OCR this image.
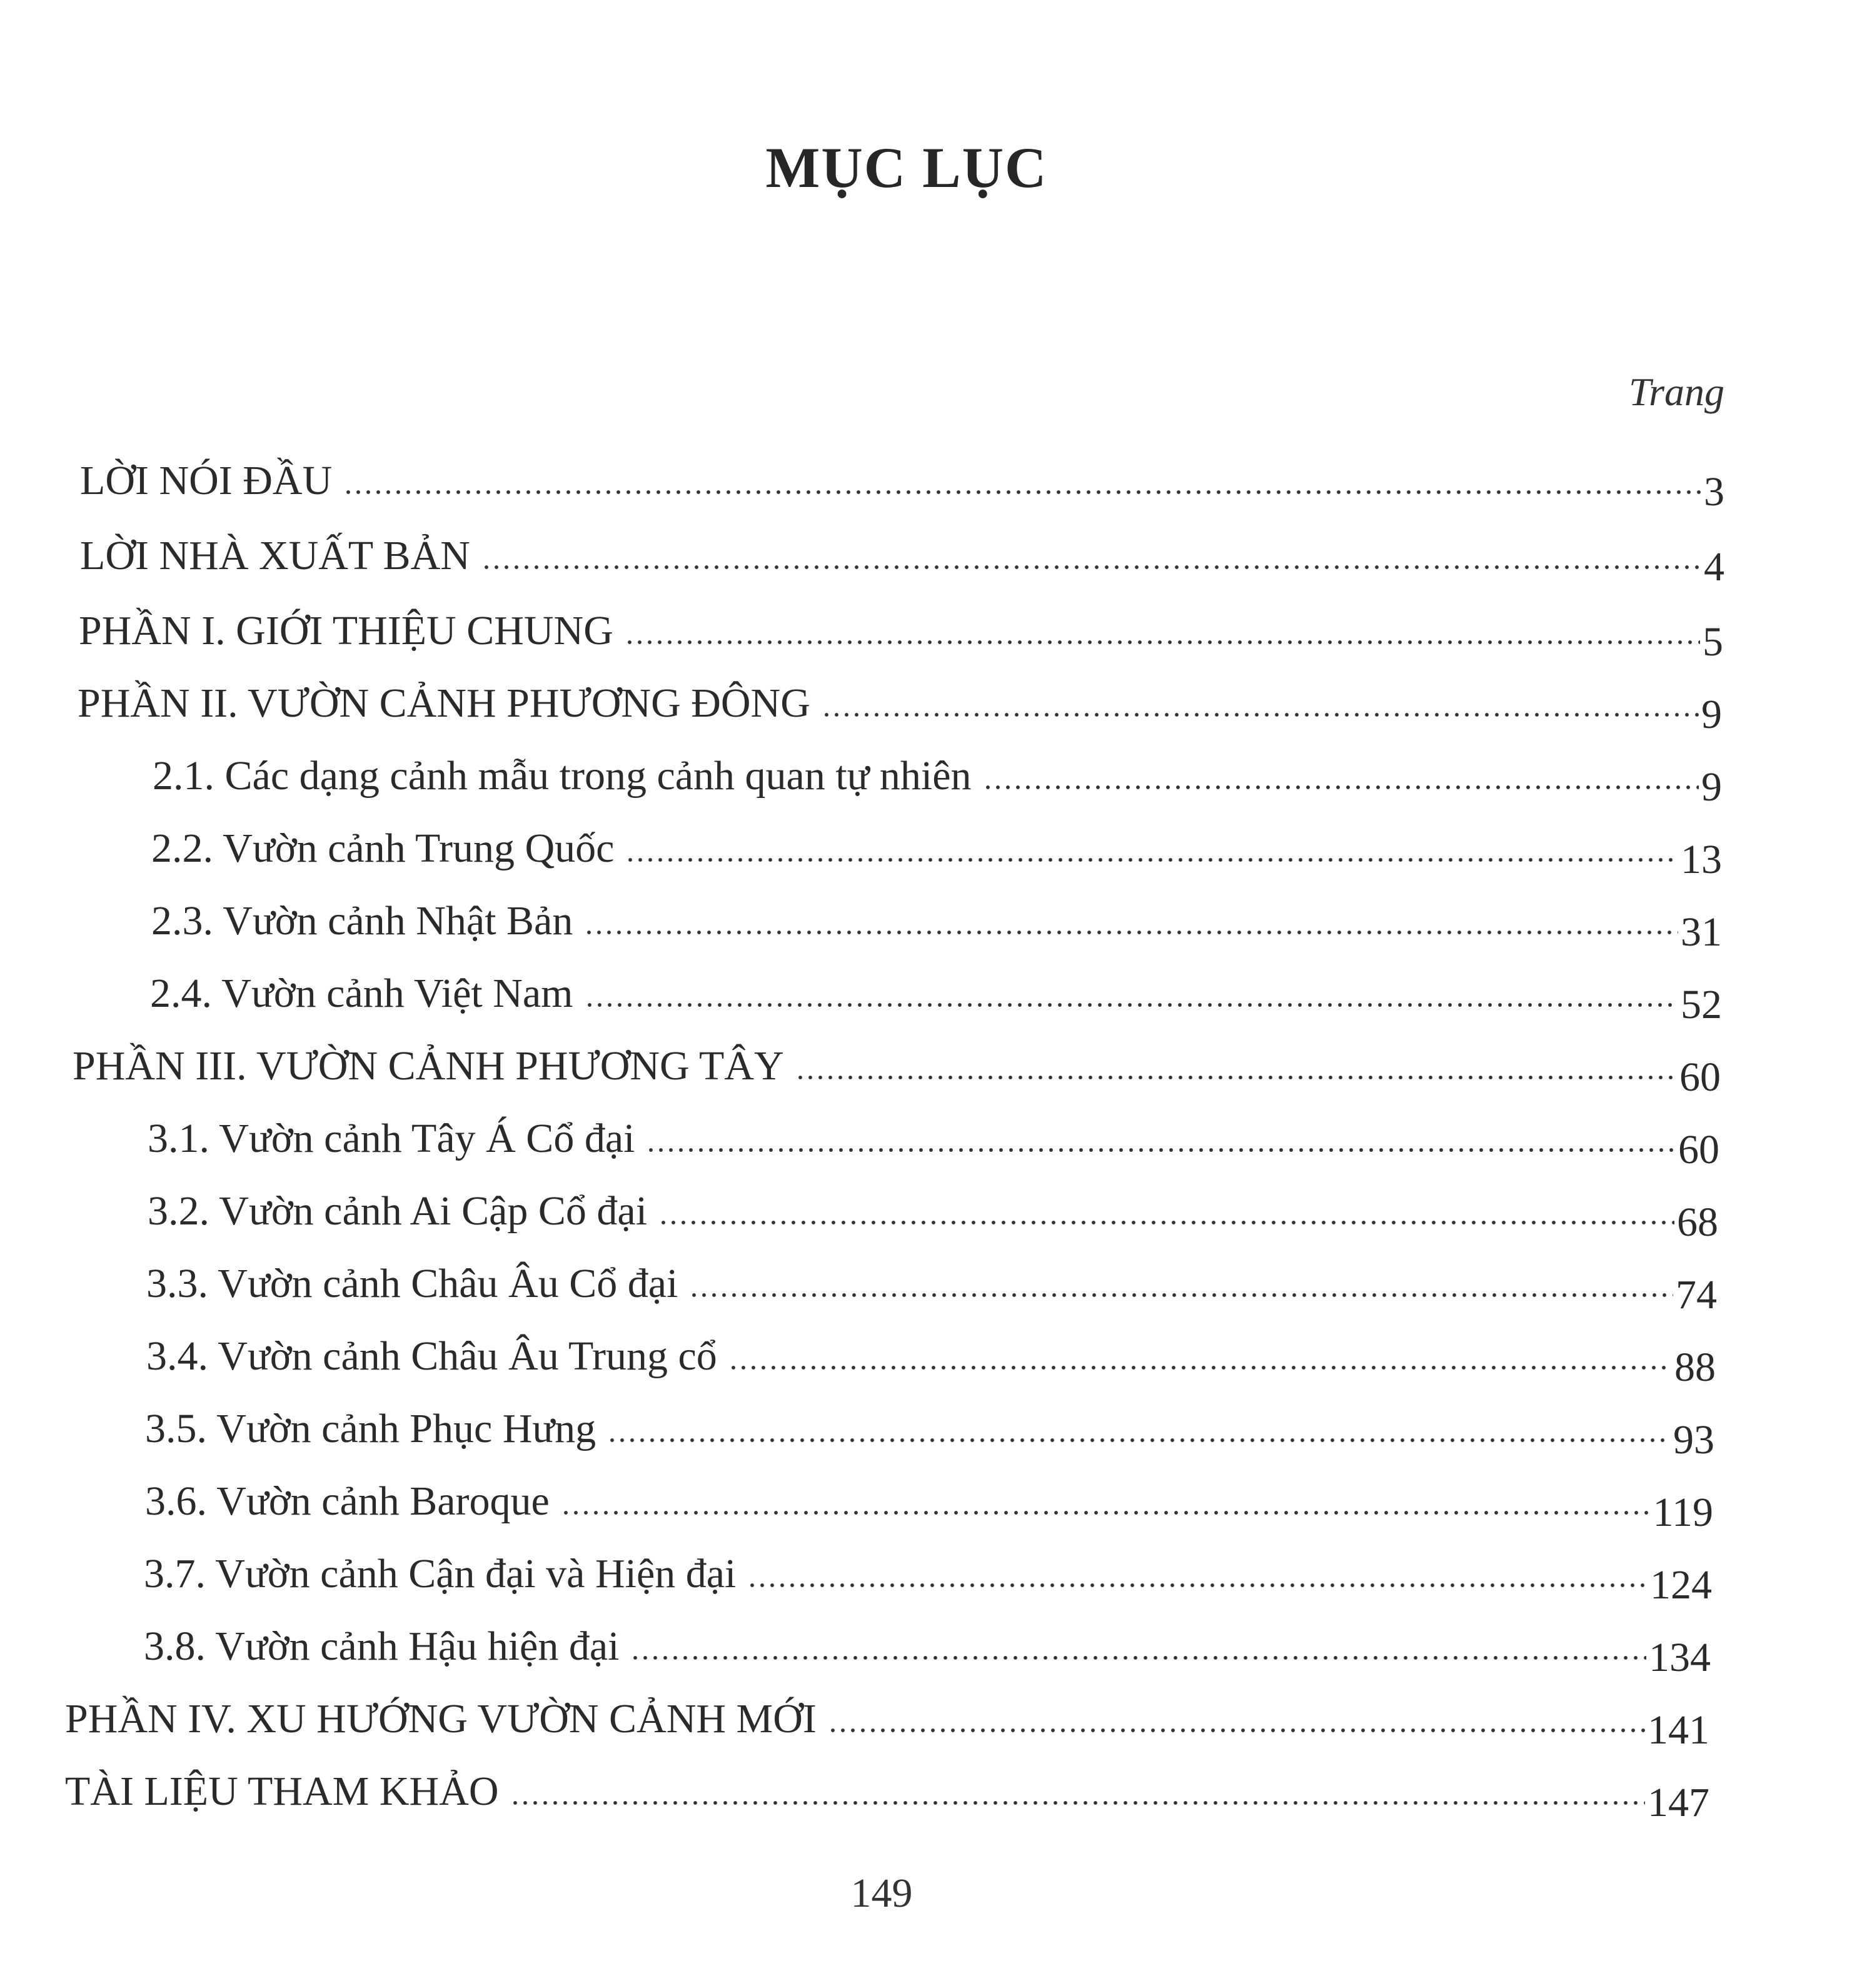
MỤC LỤC
Trang
LỜI NÓI ĐẦU	3
LỜI NHÀ XUẤT BẢN	4
PHẦN I. GIỚI THIỆU CHUNG	5
PHẦN II. VƯỜN CẢNH PHƯƠNG ĐÔNG	9
2.1. Các dạng cảnh mẫu trong cảnh quan tự nhiên	9
2.2. Vườn cảnh Trung Quốc	13
2.3. Vườn cảnh Nhật Bản	31
2.4. Vườn cảnh Việt Nam	52
PHẦN III. VƯỜN CẢNH PHƯƠNG TÂY	60
3.1. Vườn cảnh Tây Á Cổ đại	60
3.2. Vườn cảnh Ai Cập Cổ đại	68
3.3. Vườn cảnh Châu Âu Cổ đại	74
3.4. Vườn cảnh Châu Âu Trung cổ	88
3.5. Vườn cảnh Phục Hưng	93
3.6. Vườn cảnh Baroque	119
3.7. Vườn cảnh Cận đại và Hiện đại	124
3.8. Vườn cảnh Hậu hiện đại	134
PHẦN IV. XU HƯỚNG VƯỜN CẢNH MỚI	141
TÀI LIỆU THAM KHẢO	147
149
